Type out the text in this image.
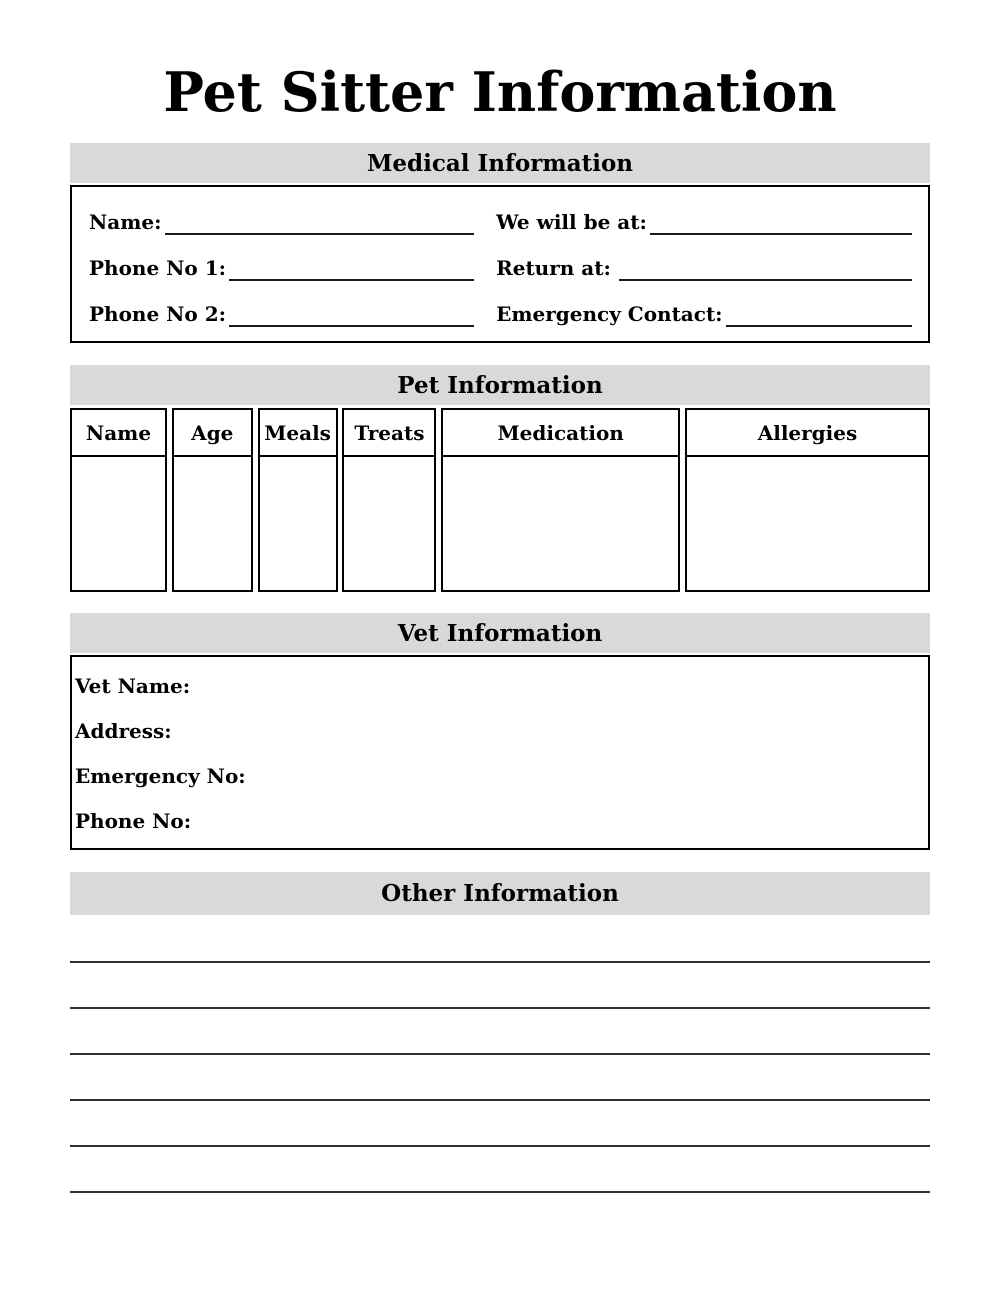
Pet Sitter Information
Medical Information
Name:	We will be at:
Phone No 1:	Return at:
Phone No 2:	Emergency Contact:
Pet Information
Name	Age	Meals	Treats	Medication	Allergies
Vet Information
Vet Name:
Address:
Emergency No:
Phone No:
Other Information
